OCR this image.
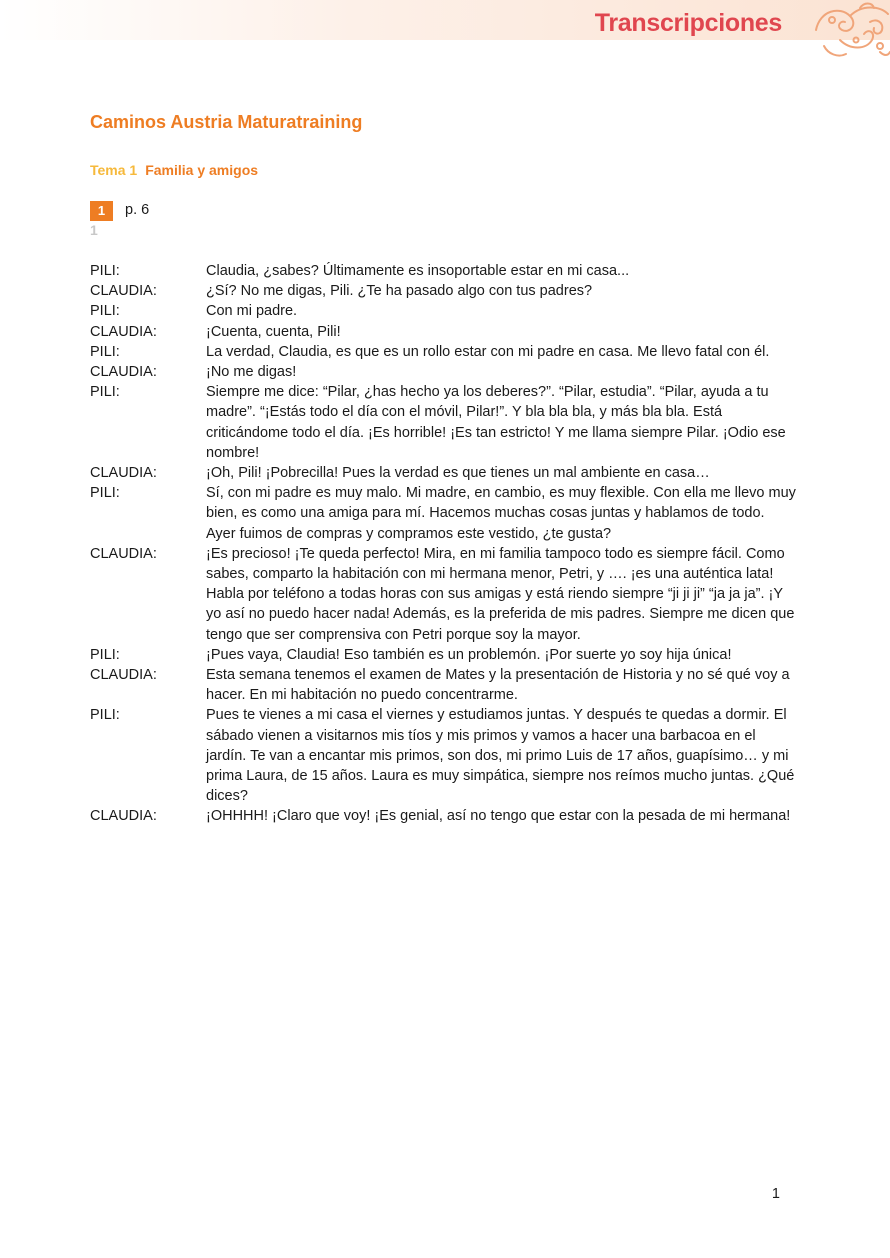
Transcripciones
Caminos Austria Maturatraining
Tema 1 Familia y amigos
1	p. 6
1
PILI:	Claudia, ¿sabes? Últimamente es insoportable estar en mi casa...

CLAUDIA:	¿Sí? No me digas, Pili. ¿Te ha pasado algo con tus padres?

PILI:	Con mi padre.

CLAUDIA:	¡Cuenta, cuenta, Pili!

PILI:	La verdad, Claudia, es que es un rollo estar con mi padre en casa. Me llevo fatal con él.

CLAUDIA:	¡No me digas!

PILI:	Siempre me dice: “Pilar, ¿has hecho ya los deberes?”. “Pilar, estudia”. “Pilar, ayuda a tu madre”. “¡Estás todo el día con el móvil, Pilar!”. Y bla bla bla, y más bla bla. Está criticándome todo el día. ¡Es horrible! ¡Es tan estricto! Y me llama siempre Pilar. ¡Odio ese nombre!

CLAUDIA:	¡Oh, Pili! ¡Pobrecilla! Pues la verdad es que tienes un mal ambiente en casa…

PILI:	Sí, con mi padre es muy malo. Mi madre, en cambio, es muy flexible. Con ella me llevo muy bien, es como una amiga para mí. Hacemos muchas cosas juntas y hablamos de todo. Ayer fuimos de compras y compramos este vestido, ¿te gusta?

CLAUDIA:	¡Es precioso! ¡Te queda perfecto! Mira, en mi familia tampoco todo es siempre fácil. Como sabes, comparto la habitación con mi hermana menor, Petri, y …. ¡es una auténtica lata!

Habla por teléfono a todas horas con sus amigas y está riendo siempre “ji ji ji” “ja ja ja”. ¡Y yo así no puedo hacer nada! Además, es la preferida de mis padres. Siempre me dicen que tengo que ser comprensiva con Petri porque soy la mayor.

PILI:	¡Pues vaya, Claudia! Eso también es un problemón. ¡Por suerte yo soy hija única!

CLAUDIA:	Esta semana tenemos el examen de Mates y la presentación de Historia y no sé qué voy a hacer. En mi habitación no puedo concentrarme.

PILI:	Pues te vienes a mi casa el viernes y estudiamos juntas. Y después te quedas a dormir. El sábado vienen a visitarnos mis tíos y mis primos y vamos a hacer una barbacoa en el jardín. Te van a encantar mis primos, son dos, mi primo Luis de 17 años, guapísimo… y mi prima Laura, de 15 años. Laura es muy simpática, siempre nos reímos mucho juntas. ¿Qué dices?

CLAUDIA:	¡OHHHH! ¡Claro que voy! ¡Es genial, así no tengo que estar con la pesada de mi hermana!

1
